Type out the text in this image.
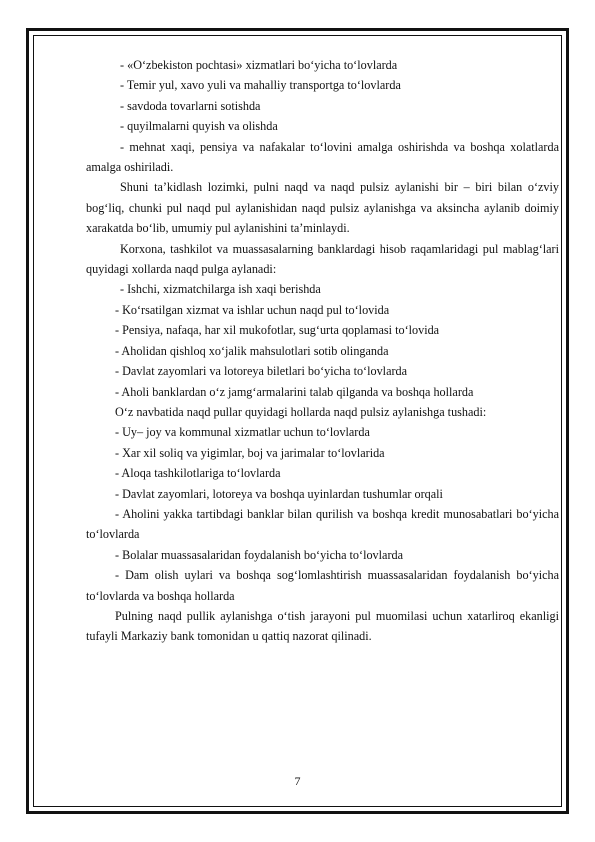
- «O‘zbekiston pochtasi» xizmatlari bo‘yicha to‘lovlarda

- Temir yul, xavo yuli va mahalliy transportga to‘lovlarda

- savdoda tovarlarni sotishda

- quyilmalarni quyish va olishda

- mehnat xaqi, pensiya va nafakalar to‘lovini amalga oshirishda va boshqa xolatlarda amalga oshiriladi.

Shuni ta’kidlash lozimki, pulni naqd va naqd pulsiz aylanishi bir – biri bilan o‘zviy bog‘liq, chunki pul naqd pul aylanishidan naqd pulsiz aylanishga va aksincha aylanib doimiy xarakatda bo‘lib, umumiy pul aylanishini ta’minlaydi.

Korxona, tashkilot va muassasalarning banklardagi hisob raqamlaridagi pul mablag‘lari quyidagi xollarda naqd pulga aylanadi:

- Ishchi, xizmatchilarga ish xaqi berishda

- Ko‘rsatilgan xizmat va ishlar uchun naqd pul to‘lovida

- Pensiya, nafaqa, har xil mukofotlar, sug‘urta qoplamasi to‘lovida

- Aholidan qishloq xo‘jalik mahsulotlari sotib olinganda

- Davlat zayomlari va lotoreya biletlari bo‘yicha to‘lovlarda

- Aholi banklardan o‘z jamg‘armalarini talab qilganda va boshqa hollarda

O‘z navbatida naqd pullar quyidagi hollarda naqd pulsiz aylanishga tushadi:

- Uy– joy va kommunal xizmatlar uchun to‘lovlarda

- Xar xil soliq va yigimlar, boj va jarimalar to‘lovlarida

- Aloqa tashkilotlariga to‘lovlarda

- Davlat zayomlari, lotoreya va boshqa uyinlardan tushumlar orqali

- Aholini yakka tartibdagi banklar bilan qurilish va boshqa kredit munosabatlari bo‘yicha to‘lovlarda

- Bolalar muassasalaridan foydalanish bo‘yicha to‘lovlarda

- Dam olish uylari va boshqa sog‘lomlashtirish muassasalaridan foydalanish bo‘yicha to‘lovlarda va boshqa hollarda

Pulning naqd pullik aylanishga o‘tish jarayoni pul muomilasi uchun xatarliroq ekanligi tufayli Markaziy bank tomonidan u qattiq nazorat qilinadi.

7
